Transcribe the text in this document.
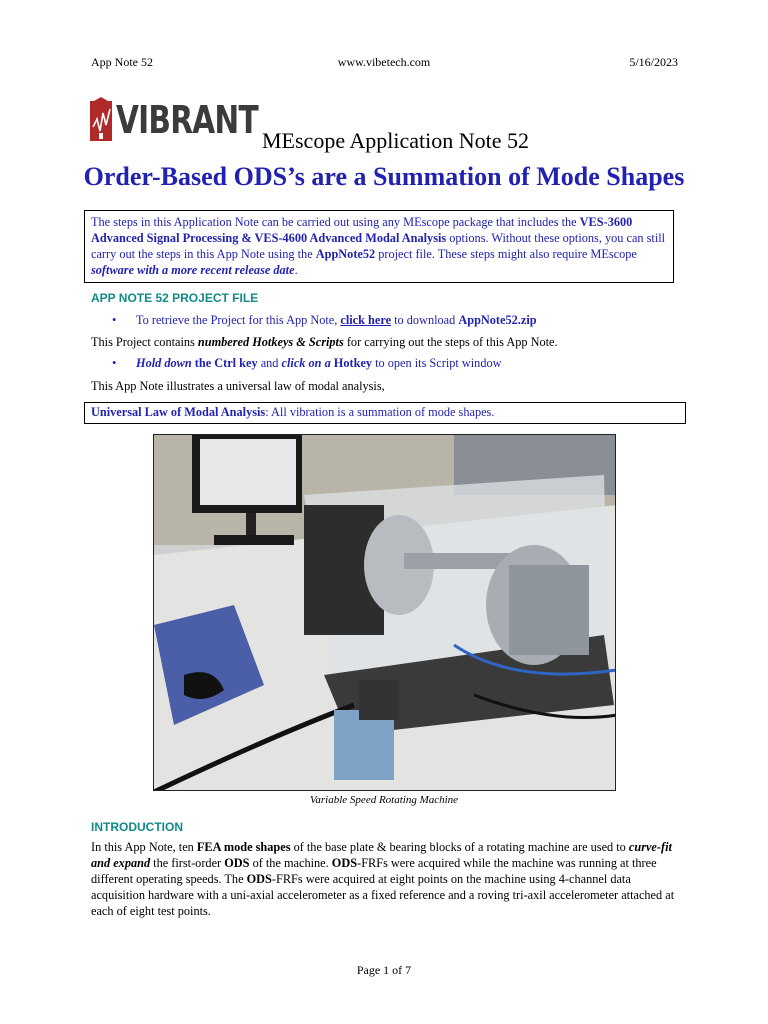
App Note 52	www.vibetech.com	5/16/2023
VIBRANT MEscope Application Note 52
Order-Based ODS’s are a Summation of Mode Shapes
The steps in this Application Note can be carried out using any MEscope package that includes the VES-3600 Advanced Signal Processing & VES-4600 Advanced Modal Analysis options. Without these options, you can still carry out the steps in this App Note using the AppNote52 project file. These steps might also require MEscope software with a more recent release date.
APP NOTE 52 PROJECT FILE
• To retrieve the Project for this App Note, click here to download AppNote52.zip
This Project contains numbered Hotkeys & Scripts for carrying out the steps of this App Note.
• Hold down the Ctrl key and click on a Hotkey to open its Script window
This App Note illustrates a universal law of modal analysis,
Universal Law of Modal Analysis: All vibration is a summation of mode shapes.
Variable Speed Rotating Machine
INTRODUCTION
In this App Note, ten FEA mode shapes of the base plate & bearing blocks of a rotating machine are used to curve-fit and expand the first-order ODS of the machine. ODS-FRFs were acquired while the machine was running at three different operating speeds. The ODS-FRFs were acquired at eight points on the machine using 4-channel data acquisition hardware with a uni-axial accelerometer as a fixed reference and a roving tri-axil accelerometer attached at each of eight test points.
Page 1 of 7
